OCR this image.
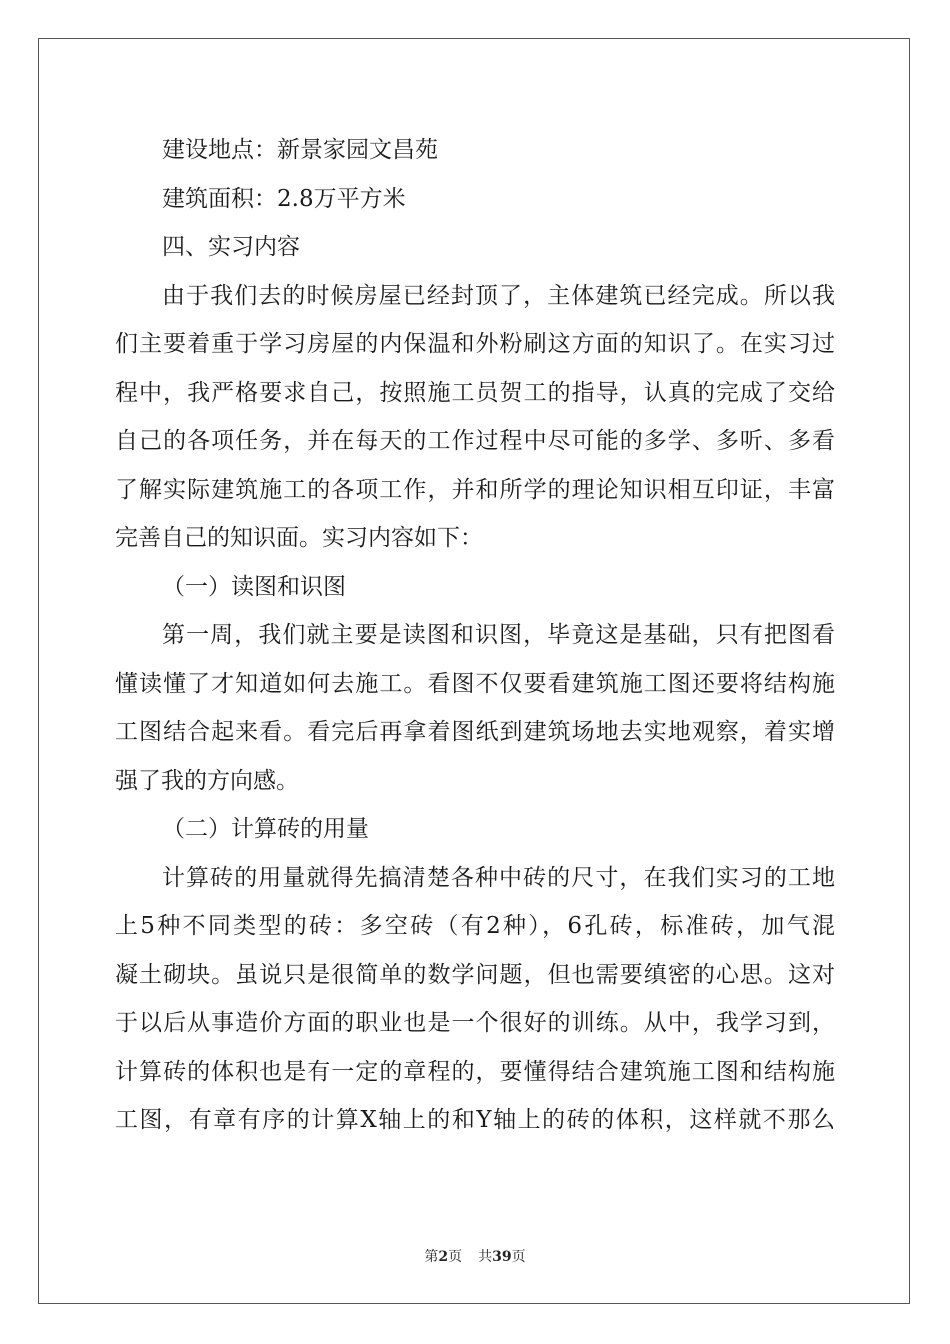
建设地点：新景家园文昌苑
建筑面积：2.8万平方米
四、实习内容
由于我们去的时候房屋已经封顶了，主体建筑已经完成。所以我
们主要着重于学习房屋的内保温和外粉刷这方面的知识了。在实习过
程中，我严格要求自己，按照施工员贺工的指导，认真的完成了交给
自己的各项任务，并在每天的工作过程中尽可能的多学、多听、多看
了解实际建筑施工的各项工作，并和所学的理论知识相互印证，丰富
完善自己的知识面。实习内容如下：
（一）读图和识图
第一周，我们就主要是读图和识图，毕竟这是基础，只有把图看
懂读懂了才知道如何去施工。看图不仅要看建筑施工图还要将结构施
工图结合起来看。看完后再拿着图纸到建筑场地去实地观察，着实增
强了我的方向感。
（二）计算砖的用量
计算砖的用量就得先搞清楚各种中砖的尺寸，在我们实习的工地
上5种不同类型的砖：多空砖（有2种），6孔砖，标准砖，加气混
凝土砌块。虽说只是很简单的数学问题，但也需要缜密的心思。这对
于以后从事造价方面的职业也是一个很好的训练。从中，我学习到，
计算砖的体积也是有一定的章程的，要懂得结合建筑施工图和结构施
工图，有章有序的计算X轴上的和Y轴上的砖的体积，这样就不那么
第2页 共39页
